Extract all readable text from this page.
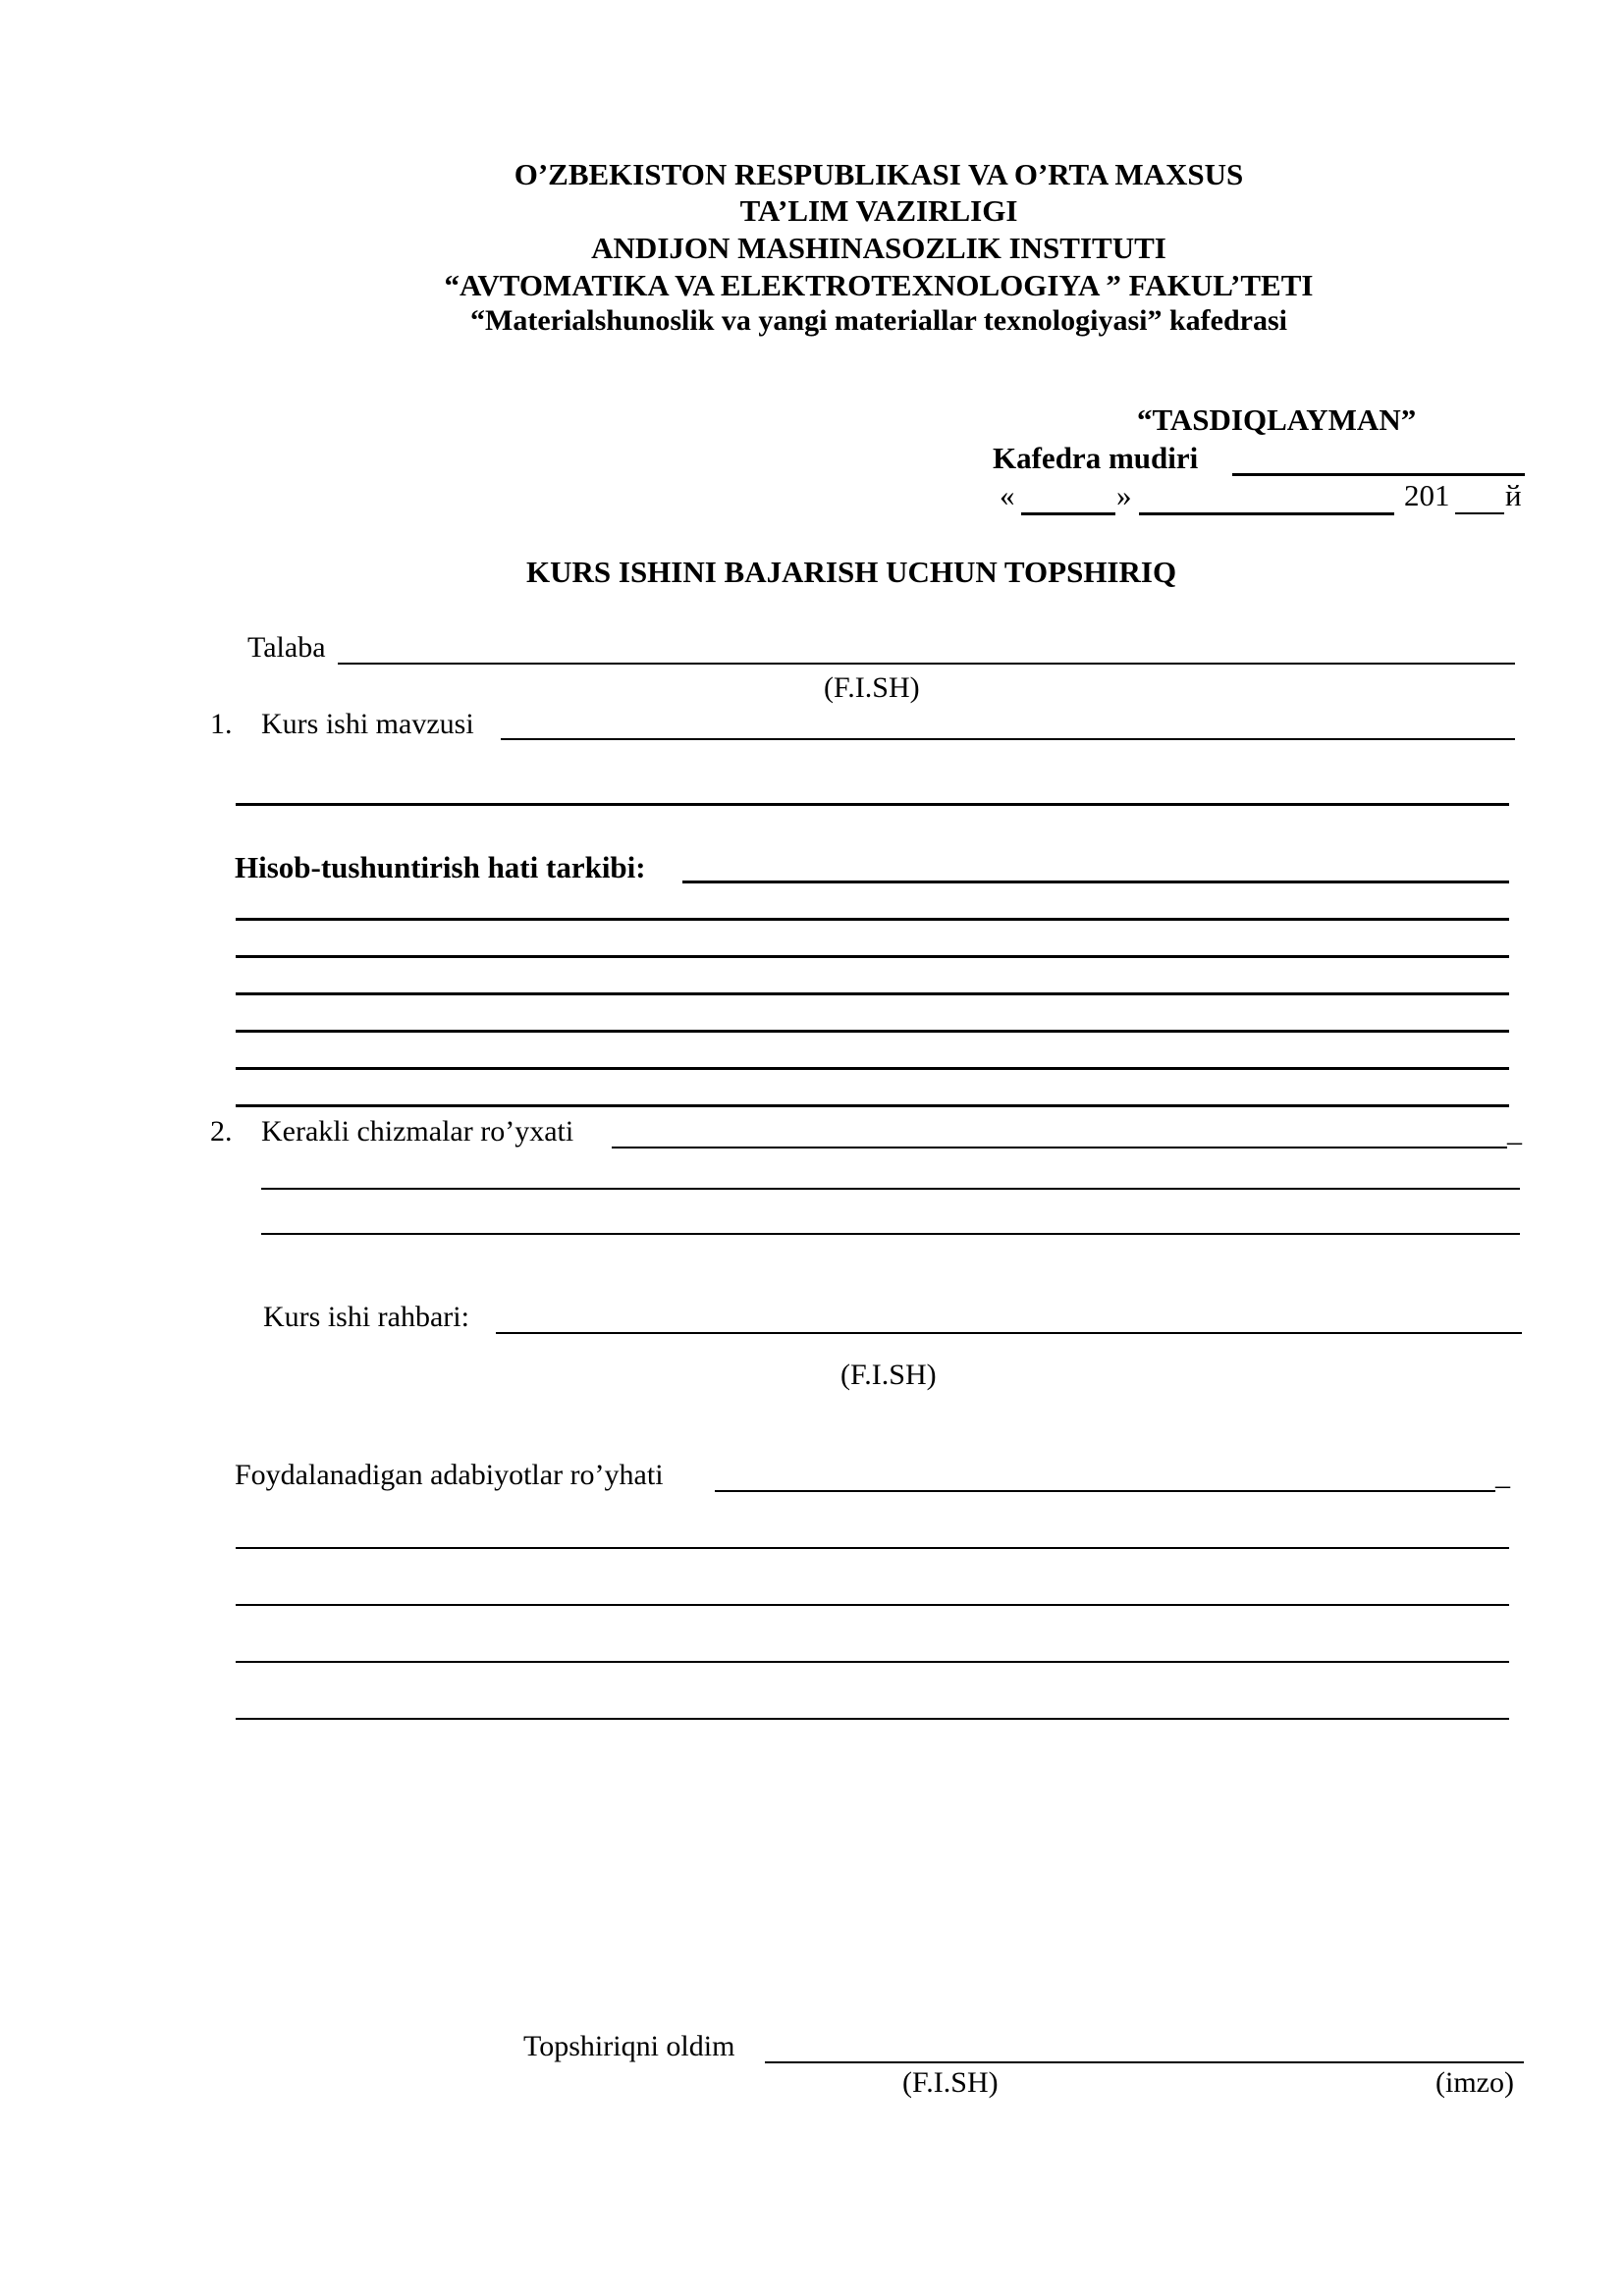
O’ZBEKISTON RESPUBLIKASI VA O’RTA MAXSUS
TA’LIM VAZIRLIGI
ANDIJON MASHINASOZLIK INSTITUTI
“AVTOMATIKA VA ELEKTROTEXNOLOGIYA ” FAKUL’TETI
“Materialshunoslik va yangi materiallar texnologiyasi” kafedrasi
“TASDIQLAYMAN”
Kafedra mudiri
«	»	201 й
KURS ISHINI BAJARISH UCHUN TOPSHIRIQ
Talaba
(F.I.SH)
1. Kurs ishi mavzusi
Hisob-tushuntirish hati tarkibi:
2. Kerakli chizmalar ro’yxati	_
Kurs ishi rahbari:
(F.I.SH)
Foydalanadigan adabiyotlar ro’yhati	_
Topshiriqni oldim
(F.I.SH)	(imzo)
